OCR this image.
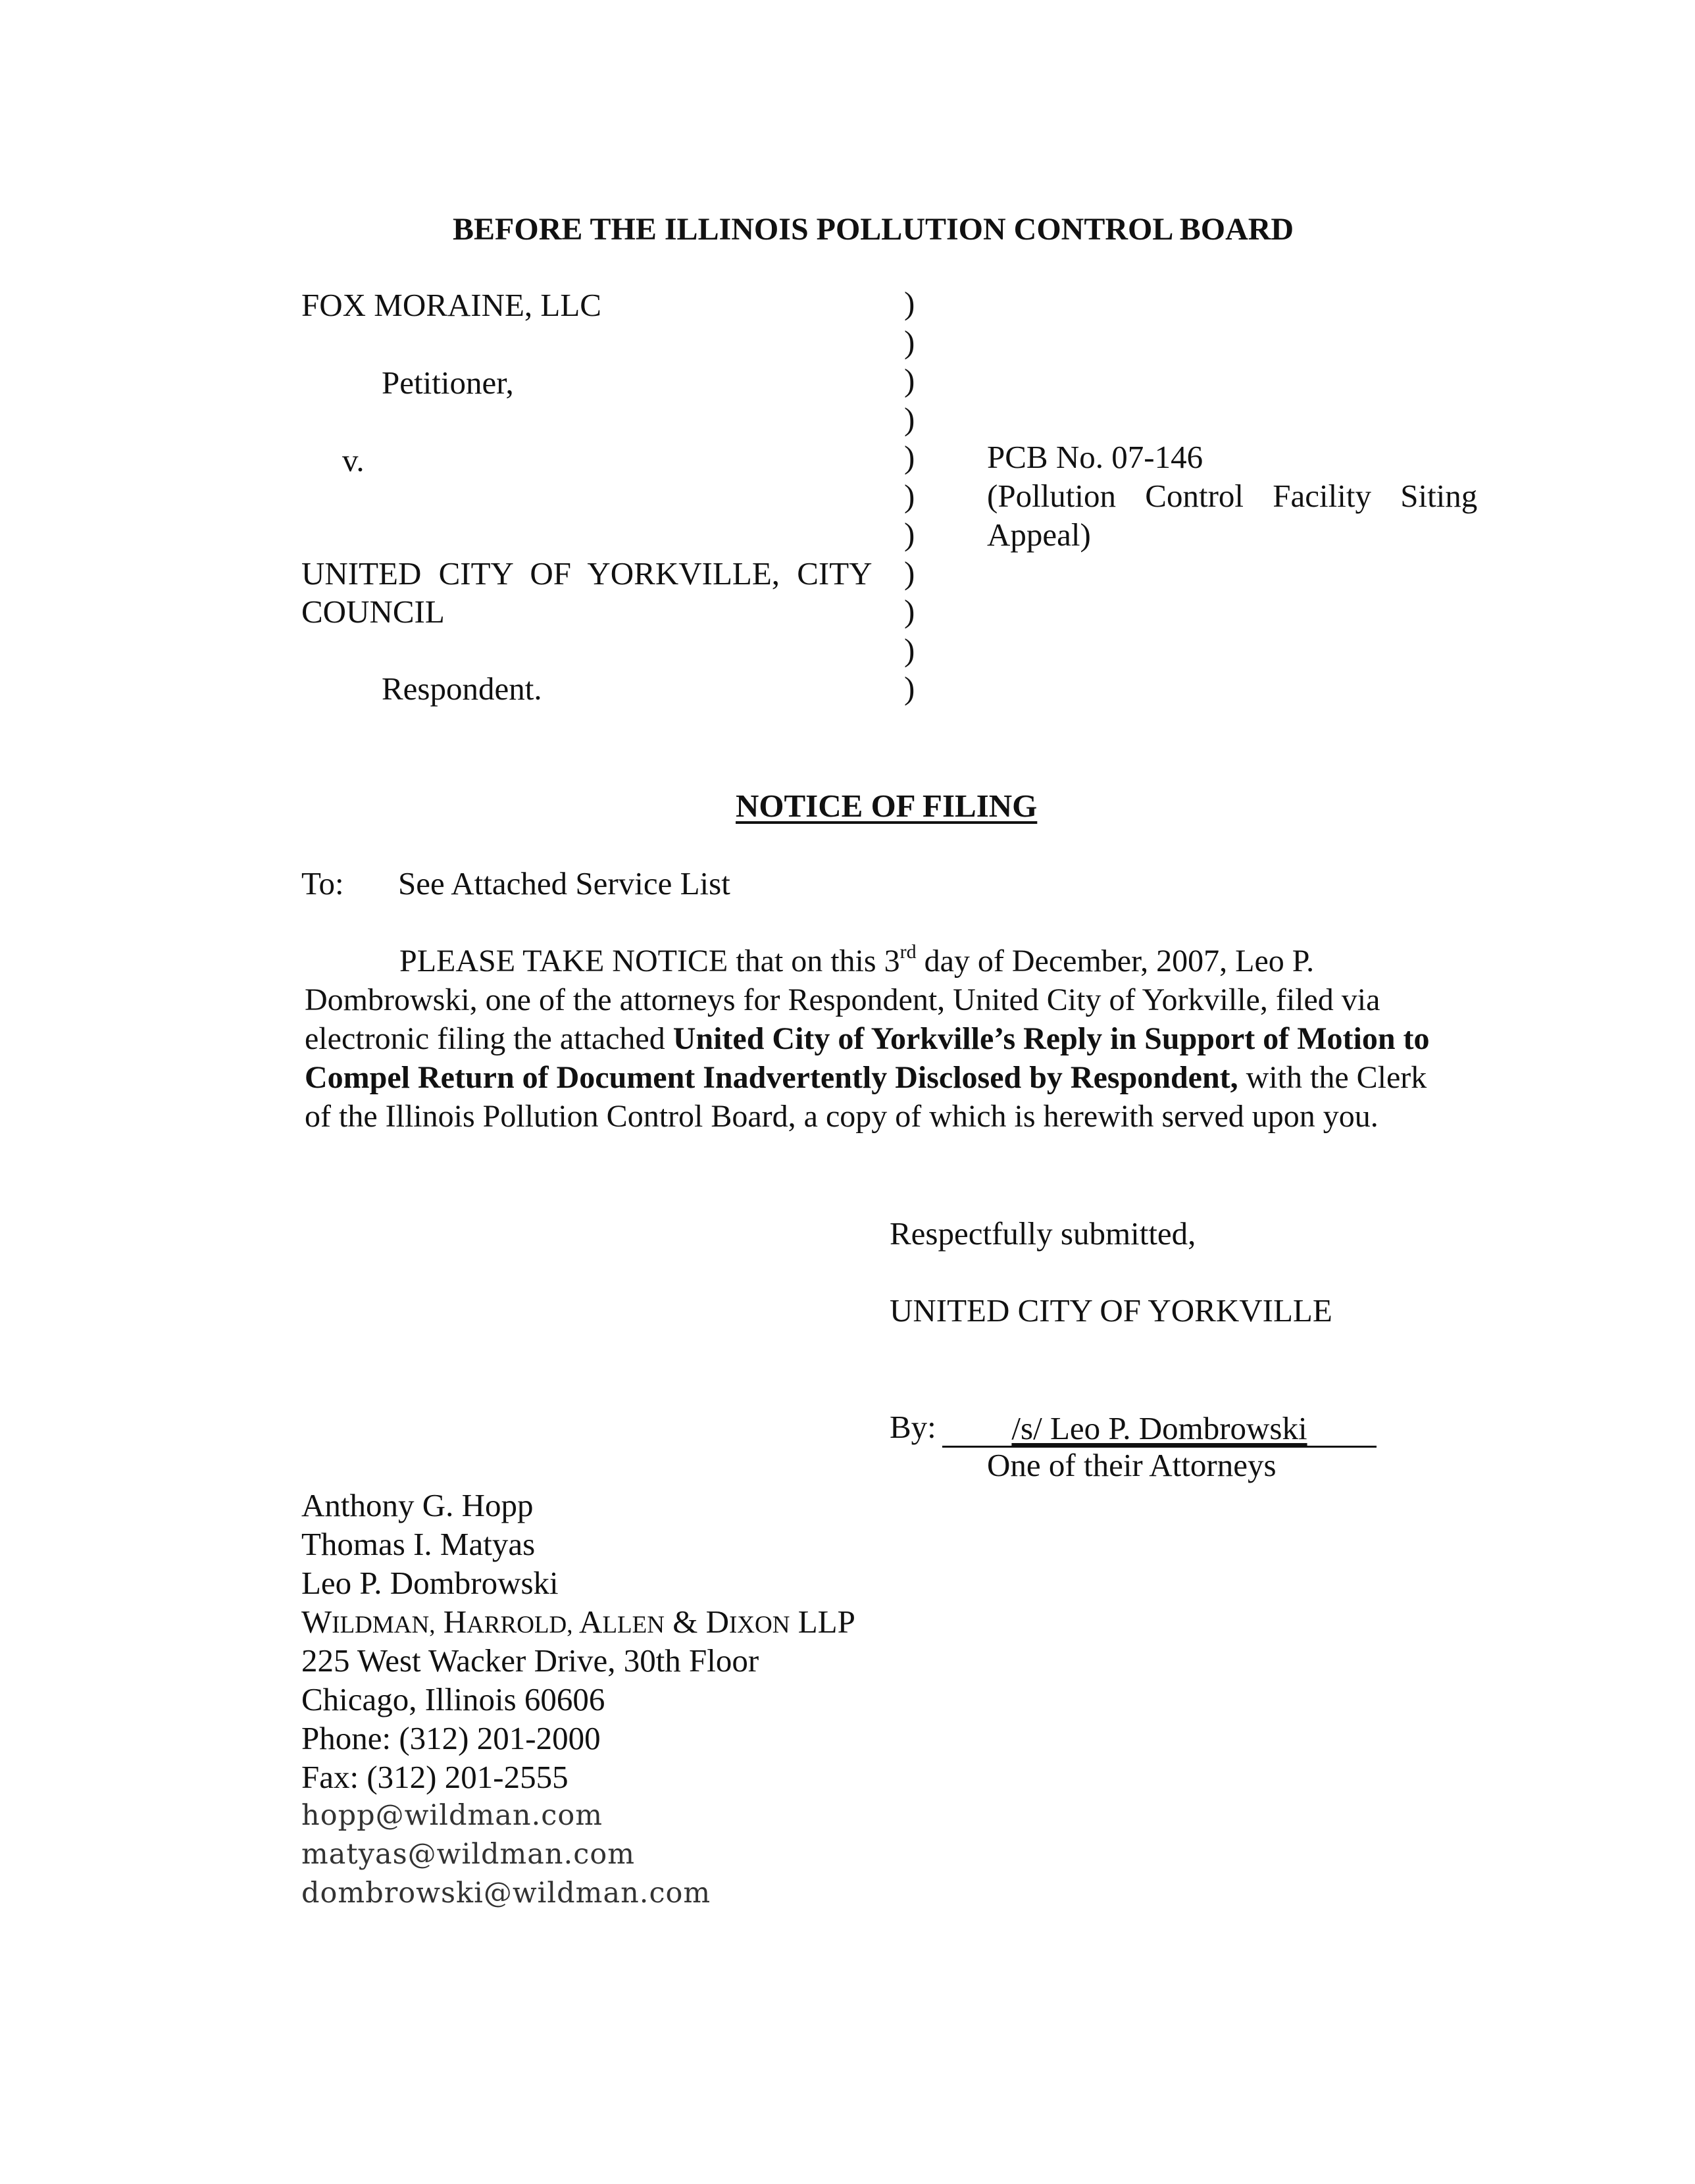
BEFORE THE ILLINOIS POLLUTION CONTROL BOARD
FOX MORAINE, LLC
Petitioner,
v.
UNITED CITY OF YORKVILLE, CITY
COUNCIL
Respondent.
)
)
)
)
)
)
)
)
)
)
)
PCB No. 07-146
(Pollution Control Facility Siting
Appeal)
NOTICE OF FILING
To: See Attached Service List
PLEASE TAKE NOTICE that on this 3rd day of December, 2007, Leo P. Dombrowski, one of the attorneys for Respondent, United City of Yorkville, filed via electronic filing the attached United City of Yorkville’s Reply in Support of Motion to Compel Return of Document Inadvertently Disclosed by Respondent, with the Clerk of the Illinois Pollution Control Board, a copy of which is herewith served upon you.
Respectfully submitted,
UNITED CITY OF YORKVILLE
By:	/s/ Leo P. Dombrowski
One of their Attorneys
Anthony G. Hopp
Thomas I. Matyas
Leo P. Dombrowski
WILDMAN, HARROLD, ALLEN & DIXON LLP
225 West Wacker Drive, 30th Floor
Chicago, Illinois 60606
Phone: (312) 201-2000
Fax: (312) 201-2555
hopp@wildman.com
matyas@wildman.com
dombrowski@wildman.com
